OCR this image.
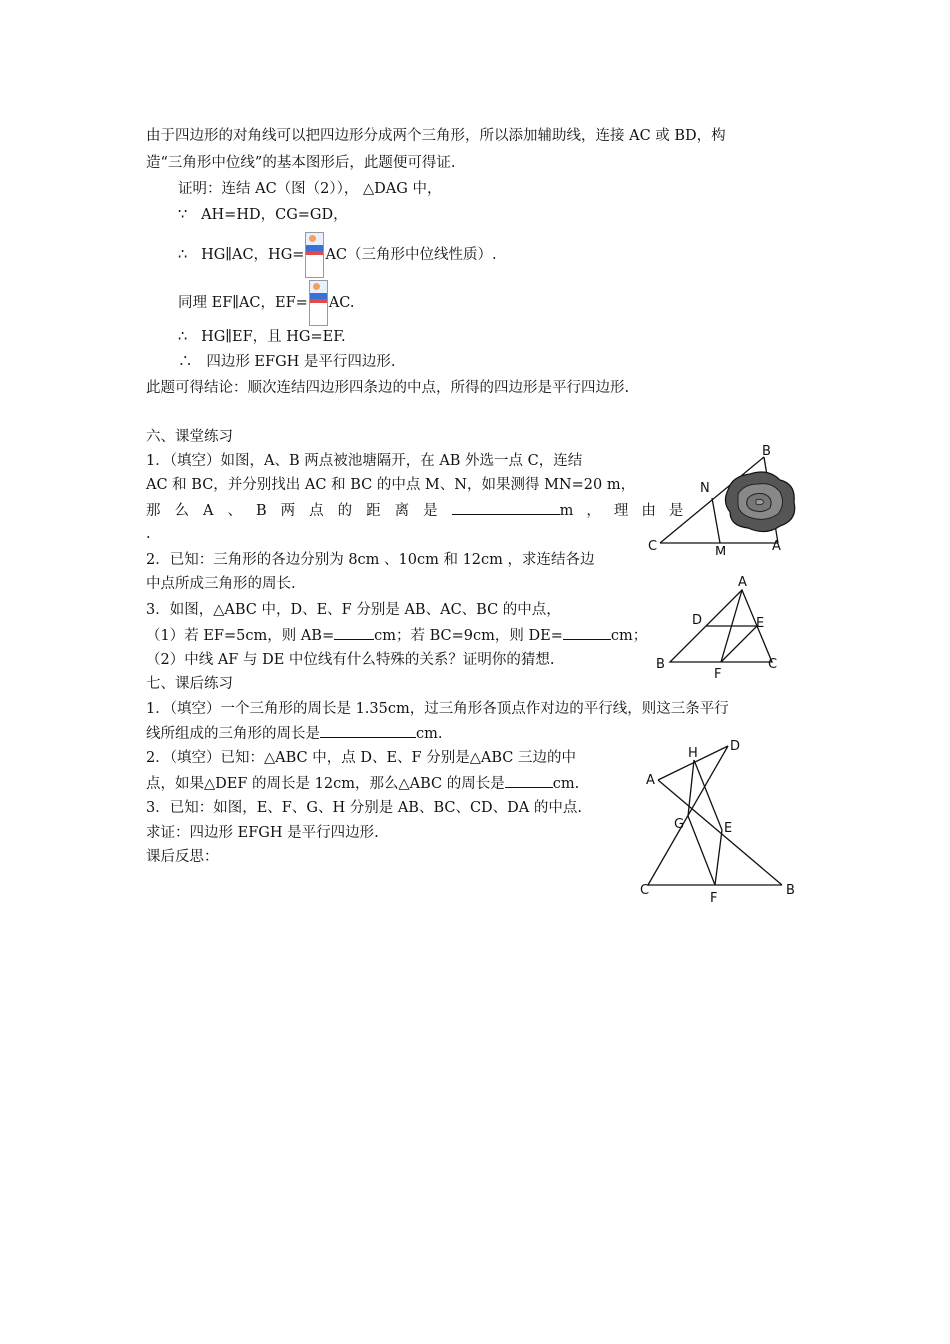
由于四边形的对角线可以把四边形分成两个三角形，所以添加辅助线，连接 AC 或 BD，构
造“三角形中位线”的基本图形后，此题便可得证.
证明：连结 AC（图（2））， △DAG 中，
∵ AH=HD，CG=GD，
∴ HG∥AC，HG= AC（三角形中位线性质）.
同理 EF∥AC，EF= AC.
∴ HG∥EF，且 HG=EF.
∴ 四边形 EFGH 是平行四边形.
此题可得结论：顺次连结四边形四条边的中点，所得的四边形是平行四边形.
六、课堂练习
1．（填空）如图，A、B 两点被池塘隔开，在 AB 外选一点 C，连结
AC 和 BC，并分别找出 AC 和 BC 的中点 M、N，如果测得 MN=20 m，
那么A、B两点的距离是	m，理由是
.
2．已知：三角形的各边分别为 8cm 、10cm 和 12cm ，求连结各边
中点所成三角形的周长.
3．如图，△ABC 中，D、E、F 分别是 AB、AC、BC 的中点，
（1）若 EF=5cm，则 AB=	cm；若 BC=9cm，则 DE=	cm；
（2）中线 AF 与 DE 中位线有什么特殊的关系？证明你的猜想.
七、课后练习
1．（填空）一个三角形的周长是 1.35cm，过三角形各顶点作对边的平行线，则这三条平行
线所组成的三角形的周长是	cm.
2．（填空）已知：△ABC 中，点 D、E、F 分别是△ABC 三边的中
点，如果△DEF 的周长是 12cm，那么△ABC 的周长是	cm.
3．已知：如图，E、F、G、H 分别是 AB、BC、CD、DA 的中点.
求证：四边形 EFGH 是平行四边形.
课后反思：
B
N
C	M	A
A
D	E
B
F
C
H D
A
G	E
C
F
B
